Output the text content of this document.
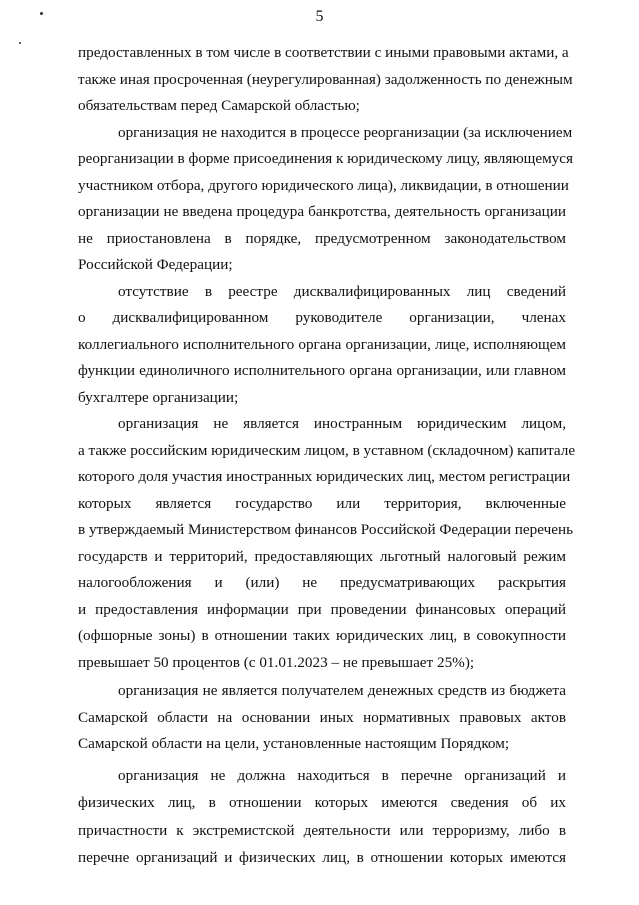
5
предоставленных в том числе в соответствии с иными правовыми актами, а
также иная просроченная (неурегулированная) задолженность по денежным
обязательствам перед Самарской областью;
организация не находится в процессе реорганизации (за исключением
реорганизации в форме присоединения к юридическому лицу, являющемуся
участником отбора, другого юридического лица), ликвидации, в отношении
организации не введена процедура банкротства, деятельность организации
не приостановлена в порядке, предусмотренном законодательством
Российской Федерации;
отсутствие в реестре дисквалифицированных лиц сведений
о дисквалифицированном руководителе организации, членах
коллегиального исполнительного органа организации, лице, исполняющем
функции единоличного исполнительного органа организации, или главном
бухгалтере организации;
организация не является иностранным юридическим лицом,
а также российским юридическим лицом, в уставном (складочном) капитале
которого доля участия иностранных юридических лиц, местом регистрации
которых является государство или территория, включенные
в утверждаемый Министерством финансов Российской Федерации перечень
государств и территорий, предоставляющих льготный налоговый режим
налогообложения и (или) не предусматривающих раскрытия
и предоставления информации при проведении финансовых операций
(офшорные зоны) в отношении таких юридических лиц, в совокупности
превышает 50 процентов (с 01.01.2023 – не превышает 25%);
организация не является получателем денежных средств из бюджета
Самарской области на основании иных нормативных правовых актов
Самарской области на цели, установленные настоящим Порядком;
организация не должна находиться в перечне организаций и
физических лиц, в отношении которых имеются сведения об их
причастности к экстремистской деятельности или терроризму, либо в
перечне организаций и физических лиц, в отношении которых имеются
